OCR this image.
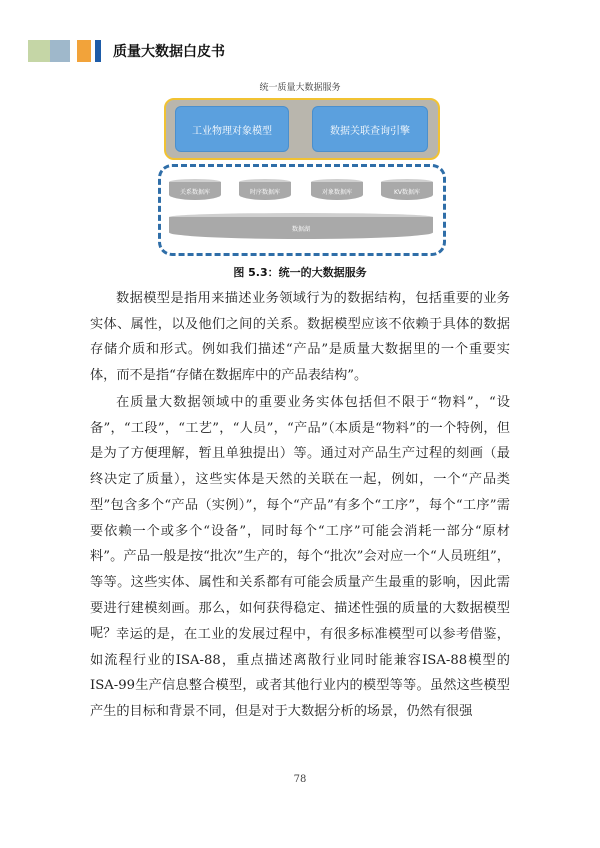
质量大数据白皮书
统一质量大数据服务
工业物理对象模型	数据关联查询引擎
关系数据库	时序数据库	对象数据库	KV数据库
数据湖
图 5.3：统一的大数据服务

数据模型是指用来描述业务领域行为的数据结构，包括重要的业务实体、属性，以及他们之间的关系。数据模型应该不依赖于具体的数据存储介质和形式。例如我们描述“产品”是质量大数据里的一个重要实体，而不是指“存储在数据库中的产品表结构”。

在质量大数据领域中的重要业务实体包括但不限于“物料”，“设备”，“工段”，“工艺”，“人员”，“产品”（本质是“物料”的一个特例，但是为了方便理解，暂且单独提出）等。通过对产品生产过程的刻画（最终决定了质量），这些实体是天然的关联在一起，例如，一个“产品类型”包含多个“产品（实例）”，每个“产品”有多个“工序”，每个“工序”需要依赖一个或多个“设备”，同时每个“工序”可能会消耗一部分“原材料”。产品一般是按“批次”生产的，每个“批次”会对应一个“人员班组”，等等。这些实体、属性和关系都有可能会质量产生最重的影响，因此需要进行建模刻画。那么，如何获得稳定、描述性强的质量的大数据模型呢？ 幸运的是，在工业的发展过程中，有很多标准模型可以参考借鉴，如流程行业的ISA-88，重点描述离散行业同时能兼容ISA-88模型的ISA-99生产信息整合模型，或者其他行业内的模型等等。虽然这些模型产生的目标和背景不同，但是对于大数据分析的场景，仍然有很强

78
